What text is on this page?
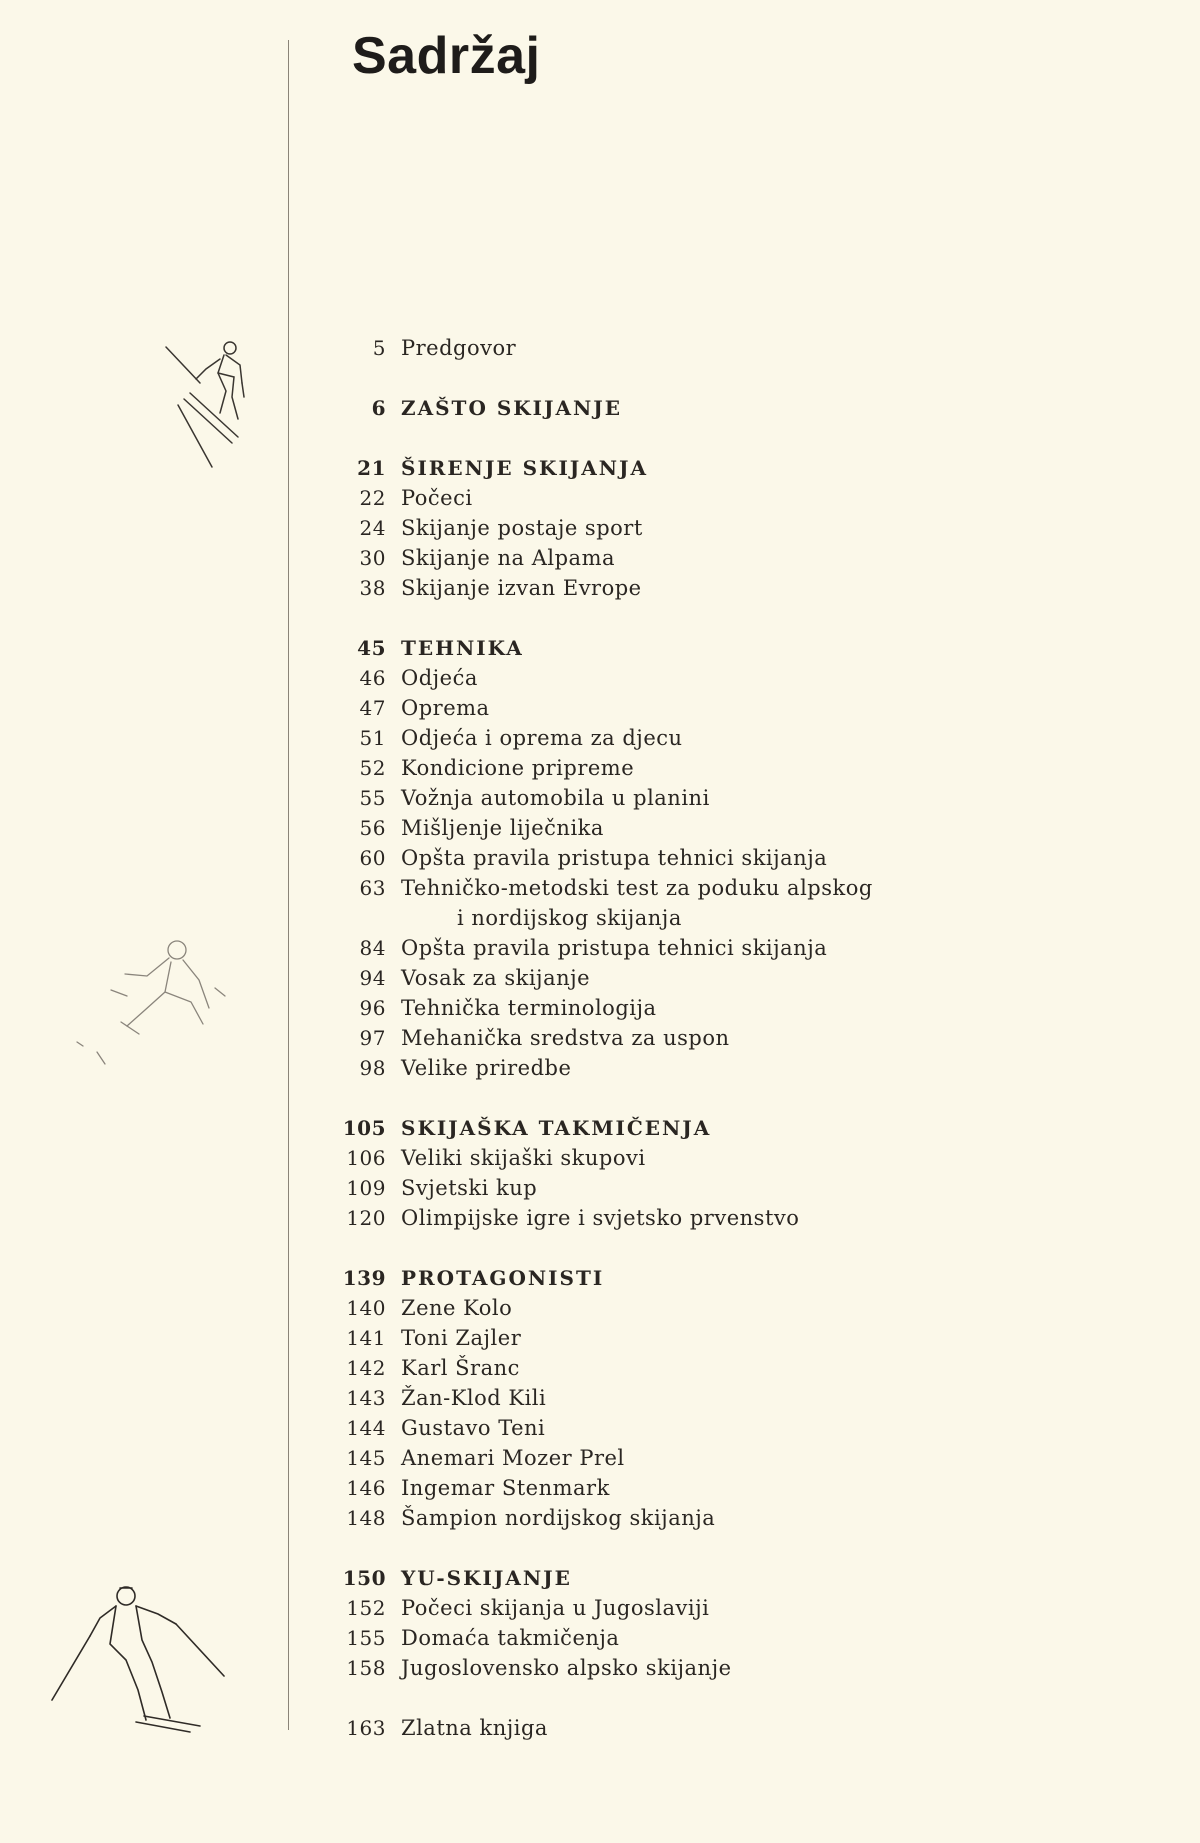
Sadržaj
5 Predgovor
6 ZAŠTO SKIJANJE
21 ŠIRENJE SKIJANJA
22 Počeci
24 Skijanje postaje sport
30 Skijanje na Alpama
38 Skijanje izvan Evrope
45 TEHNIKA
46 Odjeća
47 Oprema
51 Odjeća i oprema za djecu
52 Kondicione pripreme
55 Vožnja automobila u planini
56 Mišljenje liječnika
60 Opšta pravila pristupa tehnici skijanja
63 Tehničko-metodski test za poduku alpskog
i nordijskog skijanja
84 Opšta pravila pristupa tehnici skijanja
94 Vosak za skijanje
96 Tehnička terminologija
97 Mehanička sredstva za uspon
98 Velike priredbe
105 SKIJAŠKA TAKMIČENJA
106 Veliki skijaški skupovi
109 Svjetski kup
120 Olimpijske igre i svjetsko prvenstvo
139 PROTAGONISTI
140 Zene Kolo
141 Toni Zajler
142 Karl Šranc
143 Žan-Klod Kili
144 Gustavo Teni
145 Anemari Mozer Prel
146 Ingemar Stenmark
148 Šampion nordijskog skijanja
150 YU-SKIJANJE
152 Počeci skijanja u Jugoslaviji
155 Domaća takmičenja
158 Jugoslovensko alpsko skijanje
163 Zlatna knjiga
